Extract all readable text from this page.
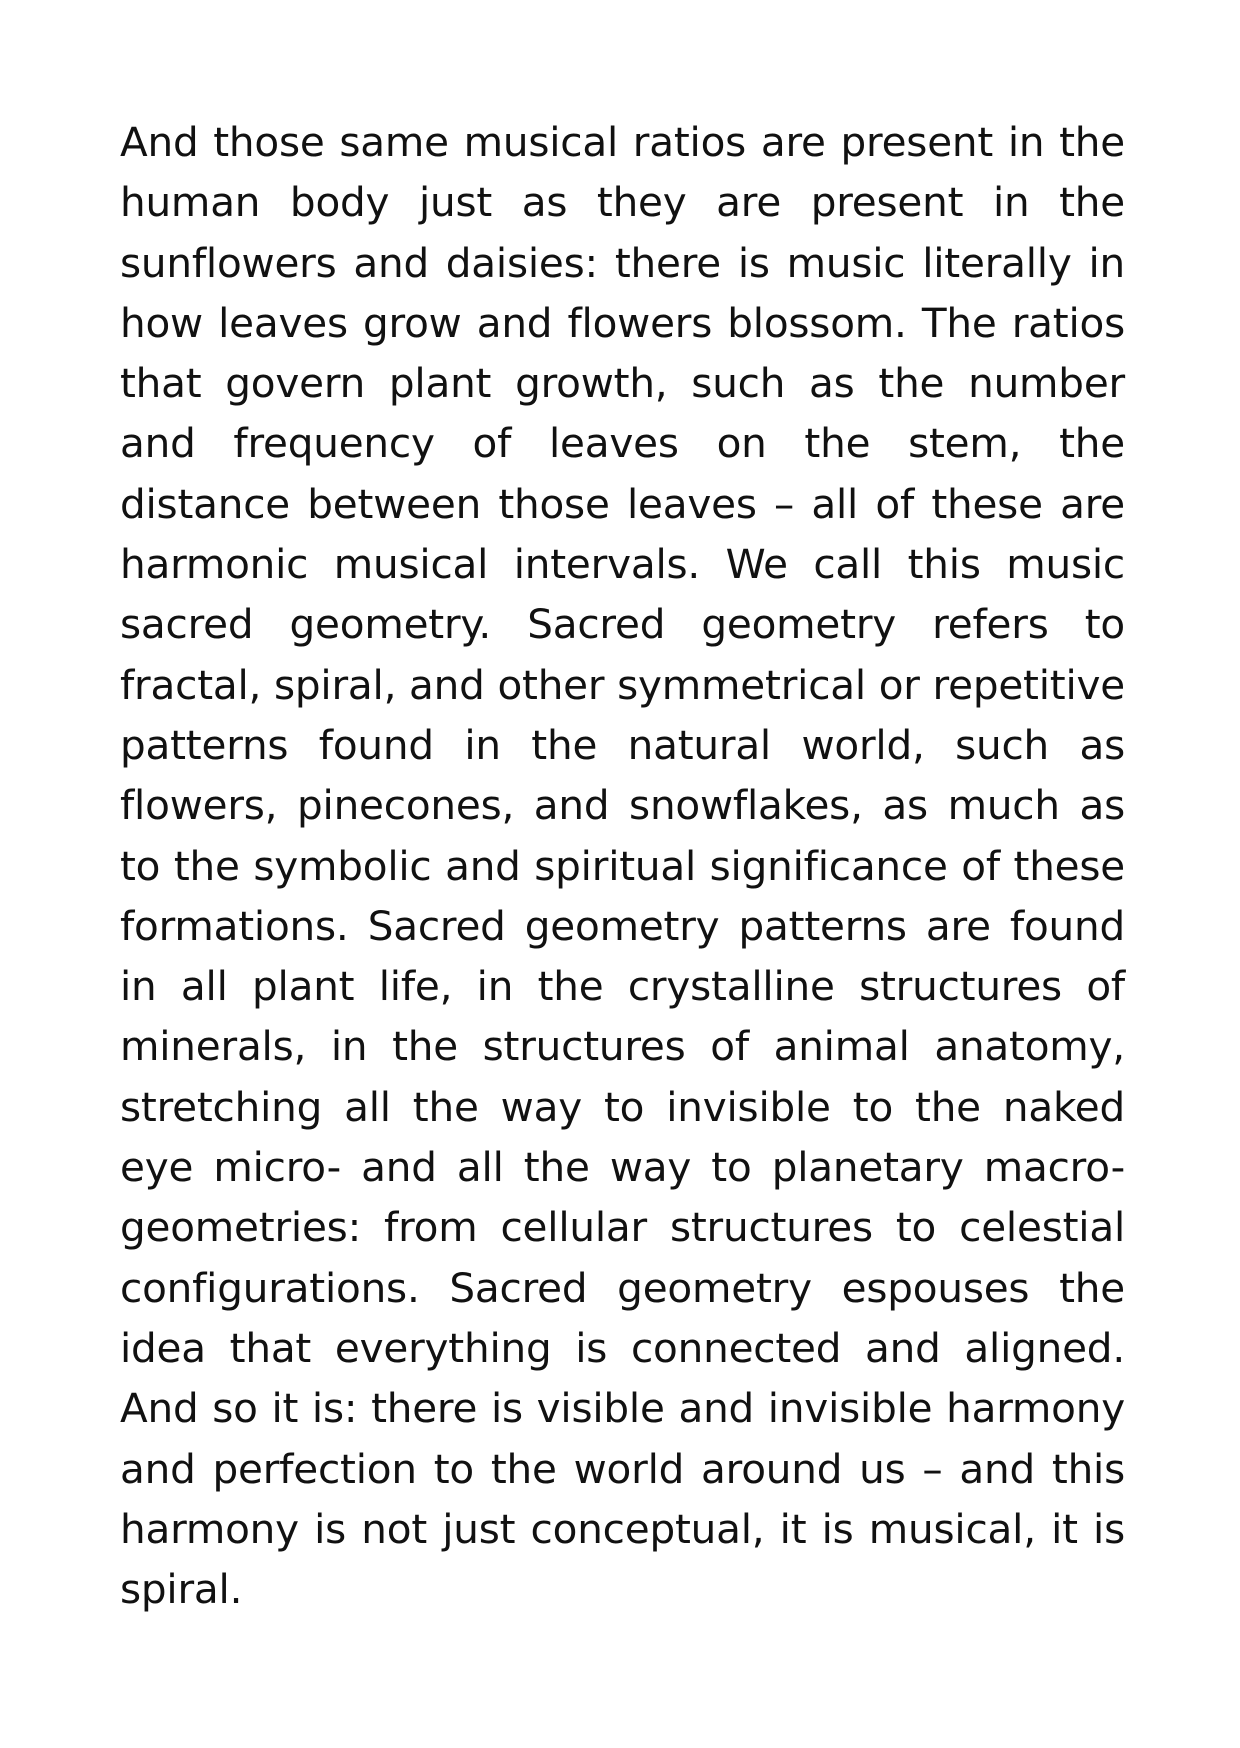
And those same musical ratios are present in the human body just as they are present in the sunflowers and daisies: there is music literally in how leaves grow and flowers blossom. The ratios that govern plant growth, such as the number and frequency of leaves on the stem, the distance between those leaves – all of these are harmonic musical intervals. We call this music sacred geometry. Sacred geometry refers to fractal, spiral, and other symmetrical or repetitive patterns found in the natural world, such as flowers, pinecones, and snowflakes, as much as to the symbolic and spiritual significance of these formations. Sacred geometry patterns are found in all plant life, in the crystalline structures of minerals, in the structures of animal anatomy, stretching all the way to invisible to the naked eye micro- and all the way to planetary macro-geometries: from cellular structures to celestial configurations. Sacred geometry espouses the idea that everything is connected and aligned. And so it is: there is visible and invisible harmony and perfection to the world around us – and this harmony is not just conceptual, it is musical, it is spiral.
